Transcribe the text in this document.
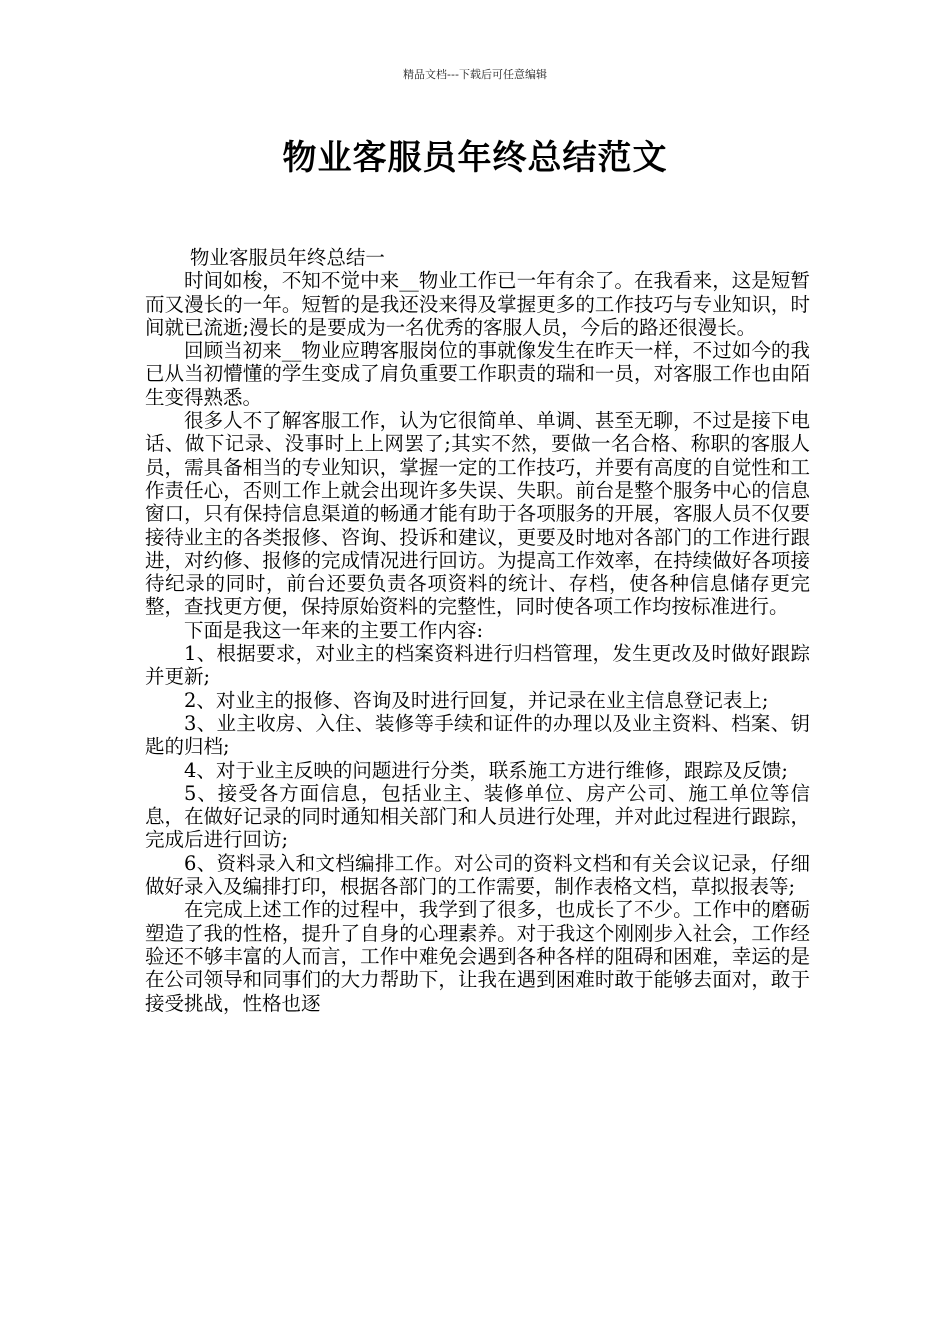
精品文档---下载后可任意编辑
物业客服员年终总结范文

物业客服员年终总结一

时间如梭，不知不觉中来__物业工作已一年有余了。在我看来，这是短暂而又漫长的一年。短暂的是我还没来得及掌握更多的工作技巧与专业知识，时间就已流逝;漫长的是要成为一名优秀的客服人员，今后的路还很漫长。

回顾当初来__物业应聘客服岗位的事就像发生在昨天一样，不过如今的我已从当初懵懂的学生变成了肩负重要工作职责的瑞和一员，对客服工作也由陌生变得熟悉。

很多人不了解客服工作，认为它很简单、单调、甚至无聊，不过是接下电话、做下记录、没事时上上网罢了;其实不然，要做一名合格、称职的客服人员，需具备相当的专业知识，掌握一定的工作技巧，并要有高度的自觉性和工作责任心，否则工作上就会出现许多失误、失职。前台是整个服务中心的信息窗口，只有保持信息渠道的畅通才能有助于各项服务的开展，客服人员不仅要接待业主的各类报修、咨询、投诉和建议，更要及时地对各部门的工作进行跟进，对约修、报修的完成情况进行回访。为提高工作效率，在持续做好各项接待纪录的同时，前台还要负责各项资料的统计、存档，使各种信息储存更完整，查找更方便，保持原始资料的完整性，同时使各项工作均按标准进行。

下面是我这一年来的主要工作内容:

1、根据要求，对业主的档案资料进行归档管理，发生更改及时做好跟踪并更新;

2、对业主的报修、咨询及时进行回复，并记录在业主信息登记表上;

3、业主收房、入住、装修等手续和证件的办理以及业主资料、档案、钥匙的归档;

4、对于业主反映的问题进行分类，联系施工方进行维修，跟踪及反馈;

5、接受各方面信息，包括业主、装修单位、房产公司、施工单位等信息，在做好记录的同时通知相关部门和人员进行处理，并对此过程进行跟踪，完成后进行回访;

6、资料录入和文档编排工作。对公司的资料文档和有关会议记录，仔细做好录入及编排打印，根据各部门的工作需要，制作表格文档，草拟报表等;

在完成上述工作的过程中，我学到了很多，也成长了不少。工作中的磨砺塑造了我的性格，提升了自身的心理素养。对于我这个刚刚步入社会，工作经验还不够丰富的人而言，工作中难免会遇到各种各样的阻碍和困难，幸运的是在公司领导和同事们的大力帮助下，让我在遇到困难时敢于能够去面对，敢于接受挑战，性格也逐
